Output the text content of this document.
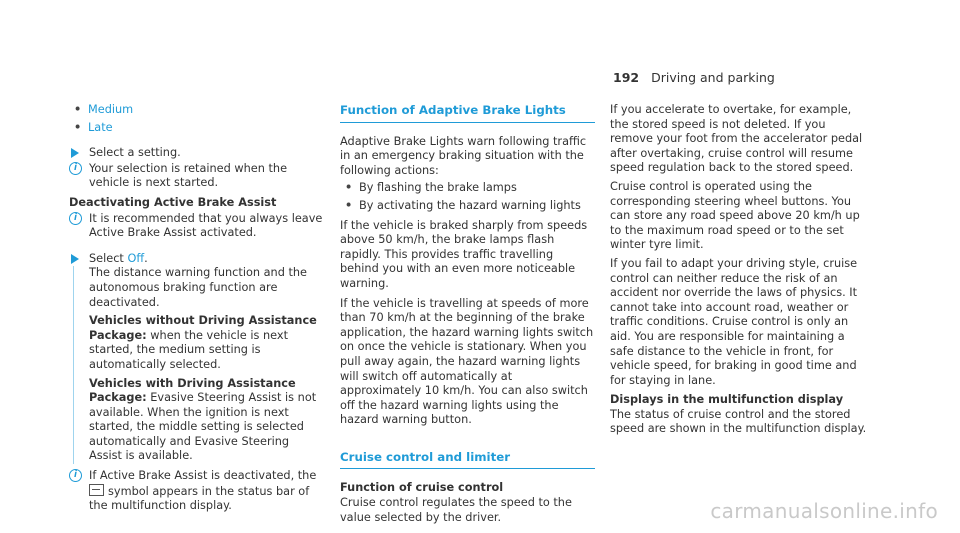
192 Driving and parking

• Medium

• Late

Select a setting.

i	Your selection is retained when the vehicle is next started.

Deactivating Active Brake Assist

i	It is recommended that you always leave Active Brake Assist activated.

Select Off.

The distance warning function and the autonomous braking function are deactivated.

Vehicles without Driving Assistance Package: when the vehicle is next started, the medium setting is automatically selected.

Vehicles with Driving Assistance Package: Evasive Steering Assist is not available. When the ignition is next started, the middle setting is selected automatically and Evasive Steering Assist is available.

i	If Active Brake Assist is deactivated, the
symbol appears in the status bar of the multifunction display.

Function of Adaptive Brake Lights

Adaptive Brake Lights warn following traffic in an emergency braking situation with the following actions:

• By flashing the brake lamps

• By activating the hazard warning lights

If the vehicle is braked sharply from speeds above 50 km/h, the brake lamps flash rapidly. This provides traffic travelling behind you with an even more noticeable warning.

If the vehicle is travelling at speeds of more than 70 km/h at the beginning of the brake application, the hazard warning lights switch on once the vehicle is stationary. When you pull away again, the hazard warning lights will switch off automatically at approximately 10 km/h. You can also switch off the hazard warning lights using the hazard warning button.

Cruise control and limiter

Function of cruise control

Cruise control regulates the speed to the value selected by the driver.

If you accelerate to overtake, for example, the stored speed is not deleted. If you remove your foot from the accelerator pedal after overtaking, cruise control will resume speed regulation back to the stored speed.

Cruise control is operated using the corresponding steering wheel buttons. You can store any road speed above 20 km/h up to the maximum road speed or to the set winter tyre limit.

If you fail to adapt your driving style, cruise control can neither reduce the risk of an accident nor override the laws of physics. It cannot take into account road, weather or traffic conditions. Cruise control is only an aid. You are responsible for maintaining a safe distance to the vehicle in front, for vehicle speed, for braking in good time and for staying in lane.

Displays in the multifunction display

The status of cruise control and the stored speed are shown in the multifunction display.

carmanualsonline.info
